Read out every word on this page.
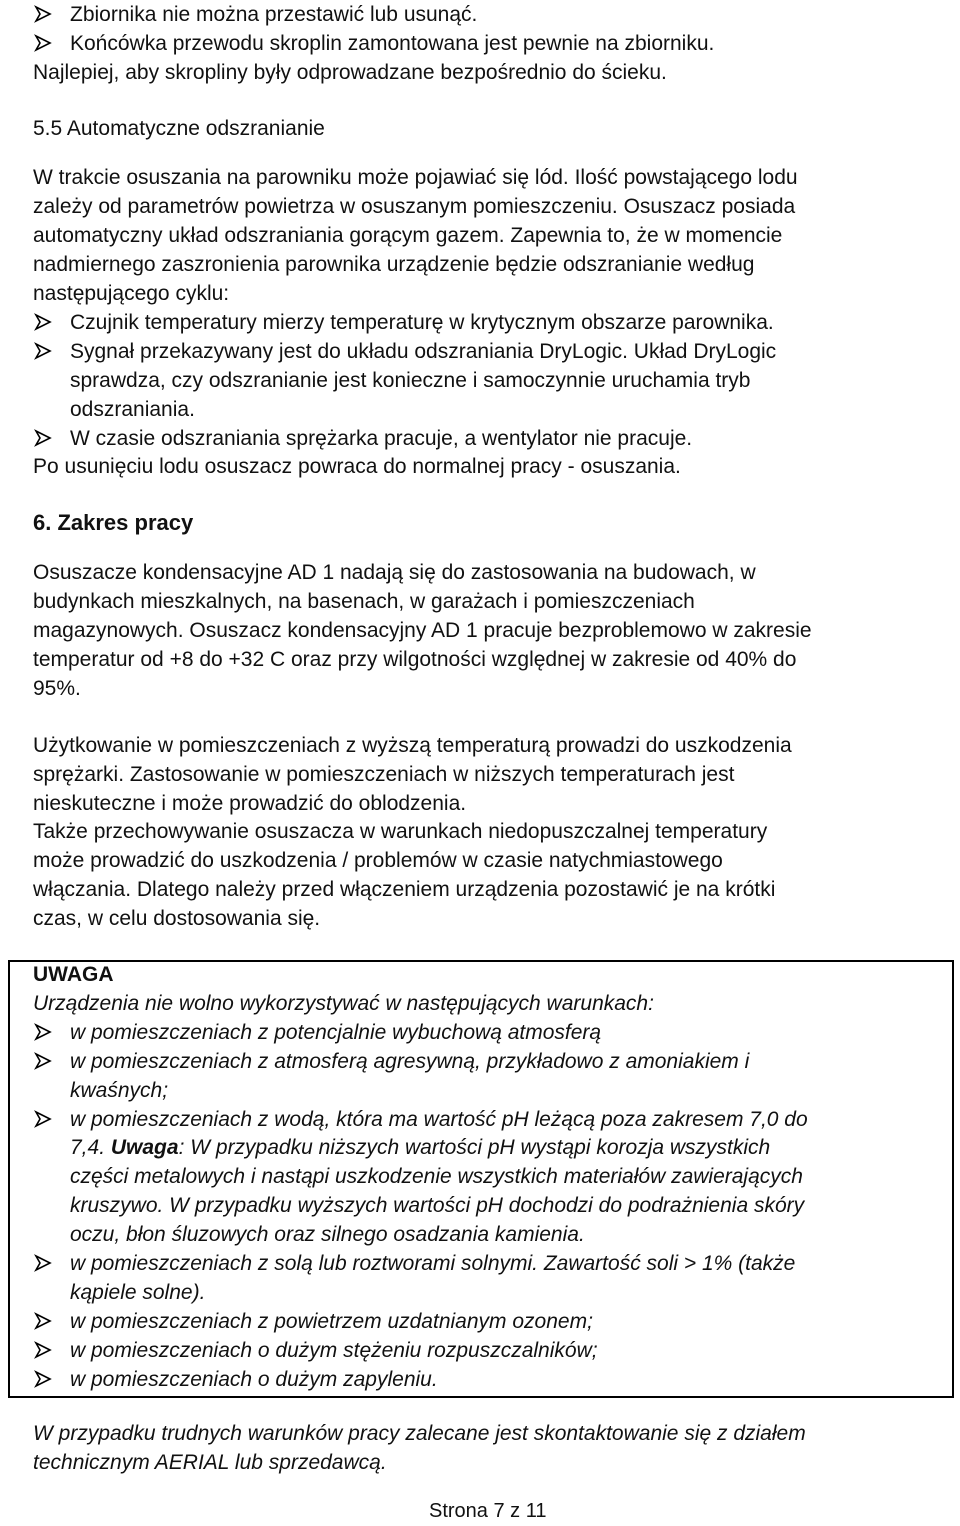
Zbiornika nie można przestawić lub usunąć.
Końcówka przewodu skroplin zamontowana jest pewnie na zbiorniku.
Najlepiej, aby skropliny były odprowadzane bezpośrednio do ścieku.
5.5 Automatyczne odszranianie
W trakcie osuszania na parowniku może pojawiać się lód. Ilość powstającego lodu
zależy od parametrów powietrza w osuszanym pomieszczeniu. Osuszacz posiada
automatyczny układ odszraniania gorącym gazem. Zapewnia to, że w momencie
nadmiernego zaszronienia parownika urządzenie będzie odszranianie według
następującego cyklu:
Czujnik temperatury mierzy temperaturę w krytycznym obszarze parownika.
Sygnał przekazywany jest do układu odszraniania DryLogic. Układ DryLogic
sprawdza, czy odszranianie jest konieczne i samoczynnie uruchamia tryb
odszraniania.
W czasie odszraniania sprężarka pracuje, a wentylator nie pracuje.
Po usunięciu lodu osuszacz powraca do normalnej pracy - osuszania.
6. Zakres pracy
Osuszacze kondensacyjne AD 1 nadają się do zastosowania na budowach, w
budynkach mieszkalnych, na basenach, w garażach i pomieszczeniach
magazynowych. Osuszacz kondensacyjny AD 1 pracuje bezproblemowo w zakresie
temperatur od +8 do +32 C oraz przy wilgotności względnej w zakresie od 40% do
95%.
Użytkowanie w pomieszczeniach z wyższą temperaturą prowadzi do uszkodzenia
sprężarki. Zastosowanie w pomieszczeniach w niższych temperaturach jest
nieskuteczne i może prowadzić do oblodzenia.
Także przechowywanie osuszacza w warunkach niedopuszczalnej temperatury
może prowadzić do uszkodzenia / problemów w czasie natychmiastowego
włączania. Dlatego należy przed włączeniem urządzenia pozostawić je na krótki
czas, w celu dostosowania się.
UWAGA
Urządzenia nie wolno wykorzystywać w następujących warunkach:
w pomieszczeniach z potencjalnie wybuchową atmosferą
w pomieszczeniach z atmosferą agresywną, przykładowo z amoniakiem i
kwaśnych;
w pomieszczeniach z wodą, która ma wartość pH leżącą poza zakresem 7,0 do
7,4. Uwaga: W przypadku niższych wartości pH wystąpi korozja wszystkich
części metalowych i nastąpi uszkodzenie wszystkich materiałów zawierających
kruszywo. W przypadku wyższych wartości pH dochodzi do podrażnienia skóry
oczu, błon śluzowych oraz silnego osadzania kamienia.
w pomieszczeniach z solą lub roztworami solnymi. Zawartość soli > 1% (także
kąpiele solne).
w pomieszczeniach z powietrzem uzdatnianym ozonem;
w pomieszczeniach o dużym stężeniu rozpuszczalników;
w pomieszczeniach o dużym zapyleniu.
W przypadku trudnych warunków pracy zalecane jest skontaktowanie się z działem
technicznym AERIAL lub sprzedawcą.
Strona 7 z 11
